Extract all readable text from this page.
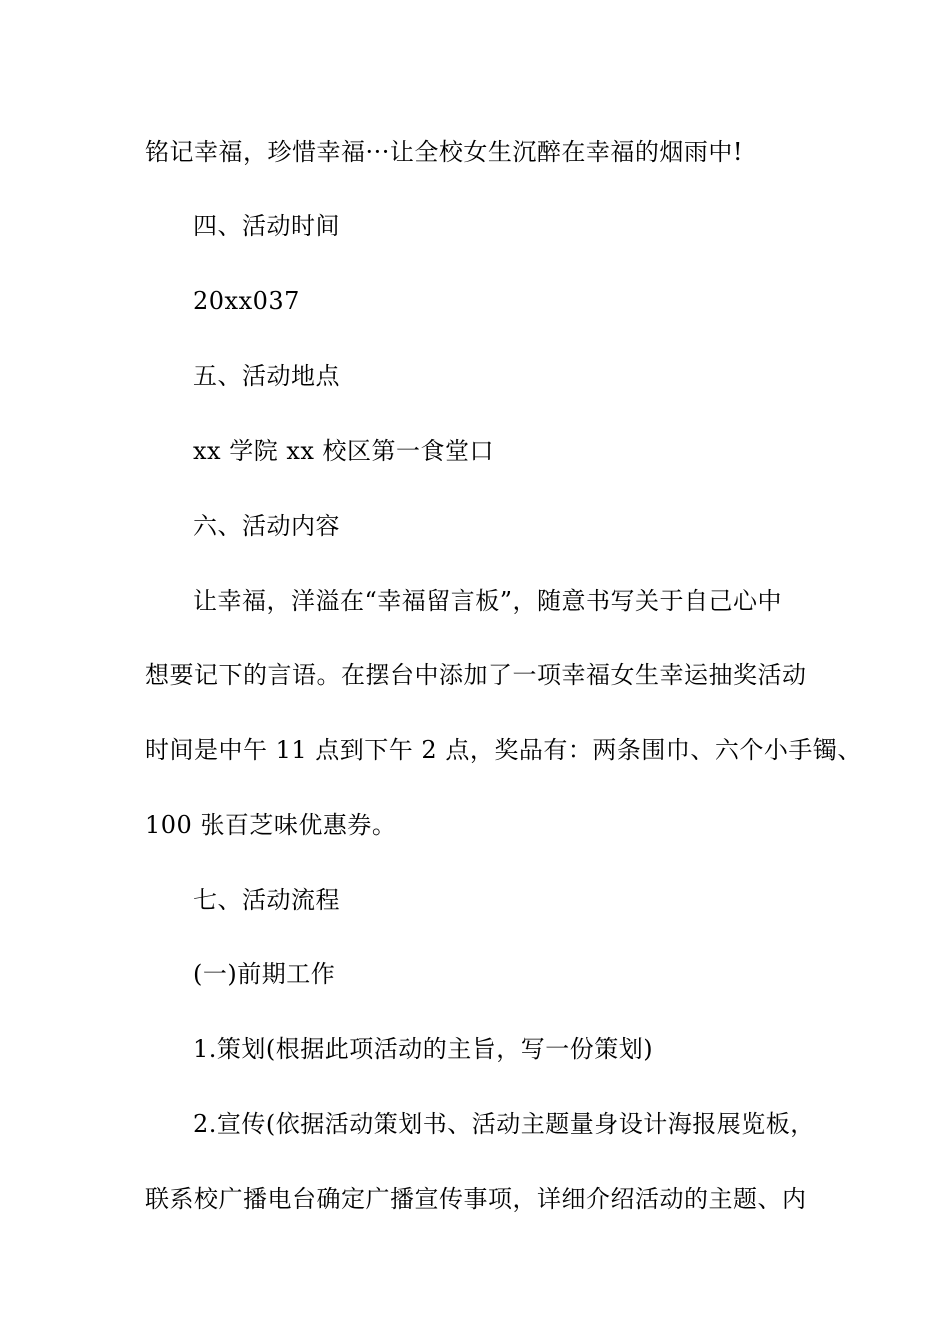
铭记幸福，珍惜幸福···让全校女生沉醉在幸福的烟雨中!
四、活动时间
20xx037
五、活动地点
xx 学院 xx 校区第一食堂口
六、活动内容
让幸福，洋溢在“幸福留言板”，随意书写关于自己心中
想要记下的言语。在摆台中添加了一项幸福女生幸运抽奖活动
时间是中午 11 点到下午 2 点，奖品有：两条围巾、六个小手镯、
100 张百芝味优惠券。
七、活动流程
(一)前期工作
1.策划(根据此项活动的主旨，写一份策划)
2.宣传(依据活动策划书、活动主题量身设计海报展览板，
联系校广播电台确定广播宣传事项，详细介绍活动的主题、内
